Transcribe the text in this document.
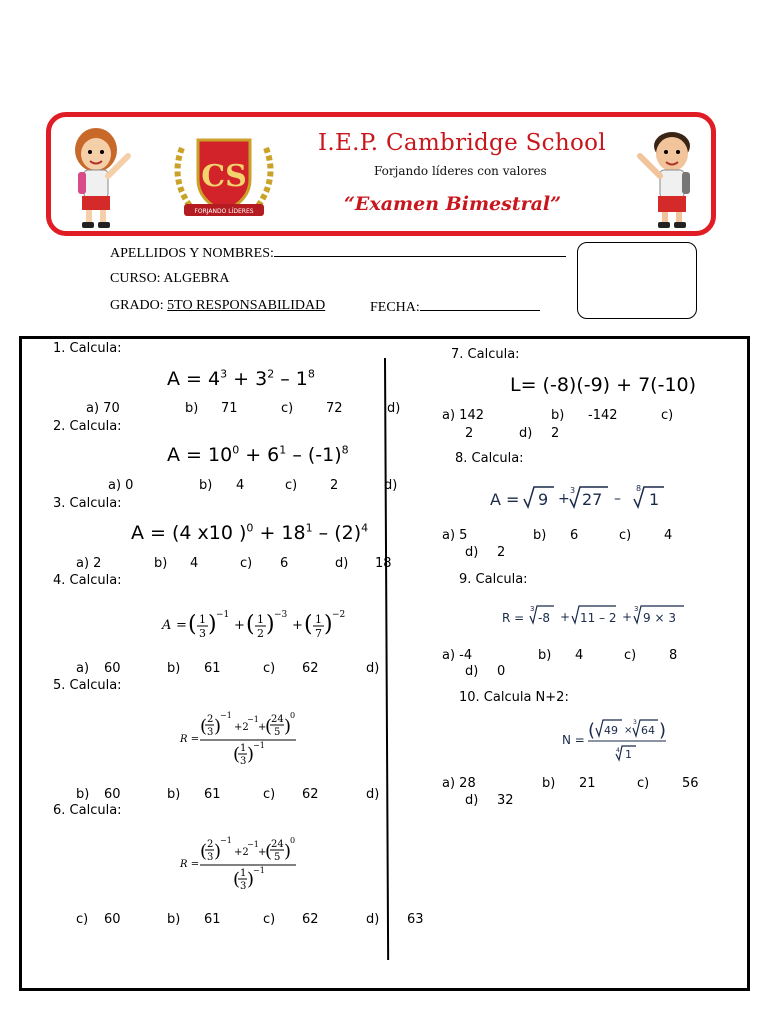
CS
FORJANDO LÍDERES
I.E.P. Cambridge School
Forjando líderes con valores
“Examen Bimestral”
APELLIDOS Y NOMBRES:
CURSO: ALGEBRA
GRADO: 5TO RESPONSABILIDAD	FECHA:
1. Calcula:
$A = 4^3 + 3^2 - 1^8$
a) 70	b) 71	c)	72	d)
2. Calcula:
$A = 10^0 + 6^1 - (-1)^8$
a) 0	b) 4	c)	2	d)
3. Calcula:
A = (4 x10 )$^0 + 18^1 - (2)^4$
a) 2	b) 4	c) 6	d) 18
4. Calcula:
A = ( 1
3 ) −1
+ ( 1
2 ) −3
+ ( 1
7 ) −2
a) 60	b) 61	c) 62	d)
5. Calcula:
R =
( 2
3 )
−1
+2
−1
+
(
24
5 )
0
( 1
3 )
−1
b) 60	b) 61	c) 62	d)
6. Calcula:
R =
( 2
3 )
−1
+2
−1
+
(
24
5 )
0
( 1
3 )
−1
c) 60	b) 61	c) 62	d) 63
7. Calcula:
L= (-8)(-9) + 7(-10)
a) 142	b) -142	c)
2	d) 2
8. Calcula:
A = 9 +
3 27 –
8
1
a) 5	b) 6	c)	4
d) 2
9. Calcula:
R =
3
-8 + 11 – 2 +
3
9 × 3
a) -4	b) 4	c)	8
d) 0
10. Calcula N+2:
N = ( 49 ×
3
64 )
4 1
a) 28	b) 21	c)	56
d) 32
